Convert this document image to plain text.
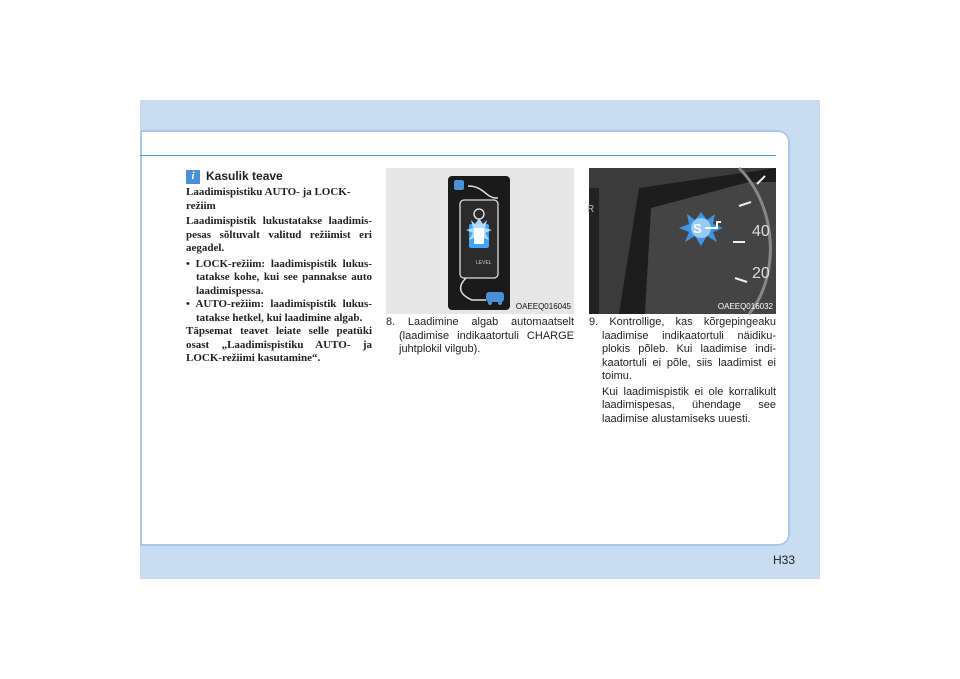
i Kasulik teave

Laadimispistiku AUTO- ja LOCK-režiim

Laadimispistik lukustatakse laadimis-pesas sõltuvalt valitud režiimist eri aegadel.

• LOCK-režiim: laadimispistik lukus-tatakse kohe, kui see pannakse auto laadimispessa.

• AUTO-režiim: laadimispistik lukus-tatakse hetkel, kui laadimine algab.

Täpsemat teavet leiate selle peatüki osast „Laadimispistiku AUTO- ja LOCK-režiimi kasutamine“.

LEVEL
OAEEQ016045
R
40
20
S
OAEEQ016032

8. Laadimine algab automaatselt (laadimise indikaatortuli CHARGE juhtplokil vilgub).

9. Kontrollige, kas kõrgepingeaku laadimise indikaatortuli näidiku-plokis põleb. Kui laadimise indi-kaatortuli ei põle, siis laadimist ei toimu.

Kui laadimispistik ei ole korralikult laadimispesas, ühendage see laadimise alustamiseks uuesti.

H33
